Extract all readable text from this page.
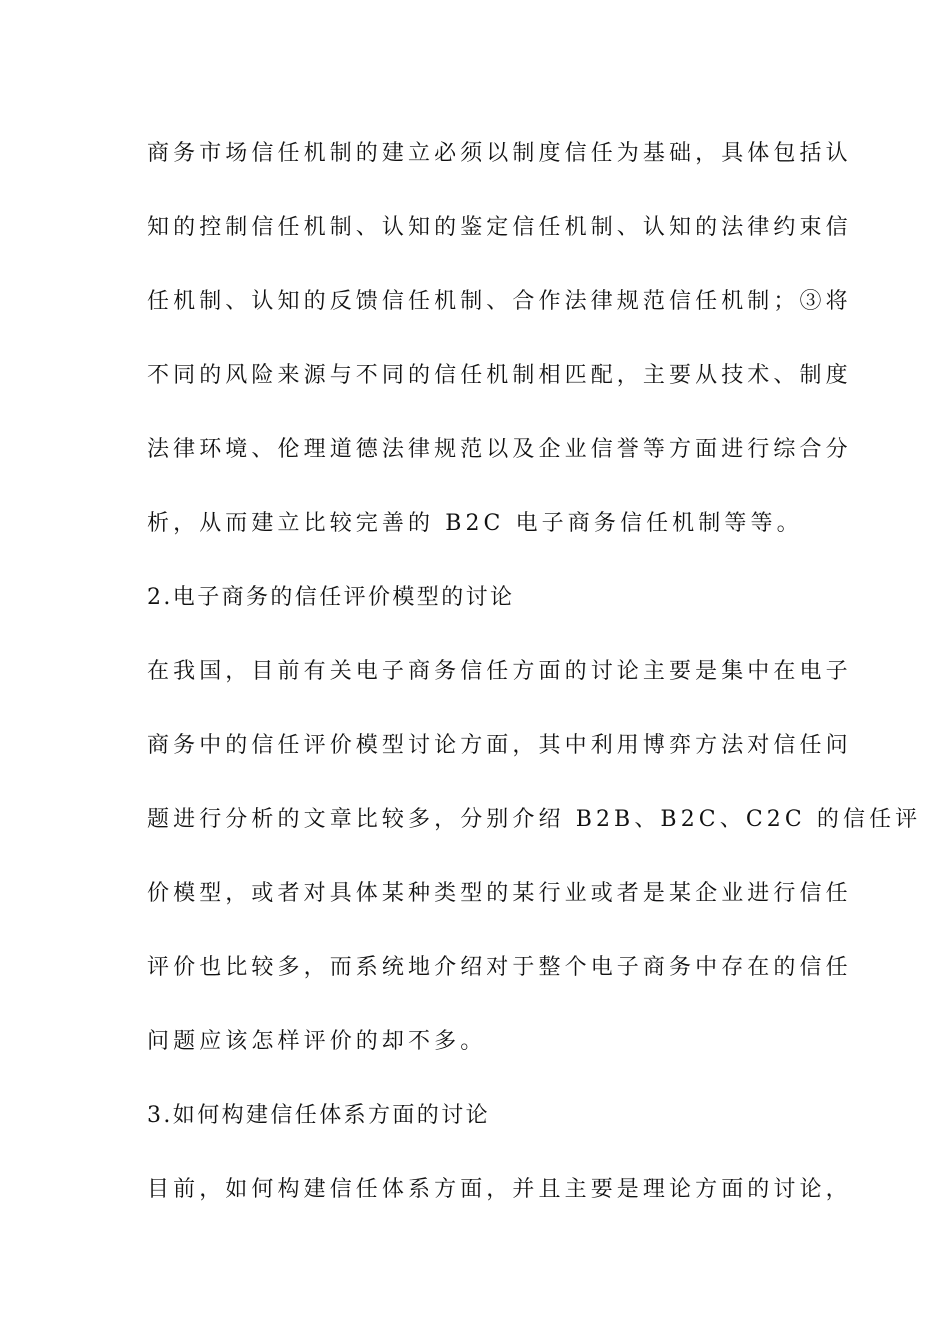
商务市场信任机制的建立必须以制度信任为基础，具体包括认
知的控制信任机制、认知的鉴定信任机制、认知的法律约束信
任机制、认知的反馈信任机制、合作法律规范信任机制；③将
不同的风险来源与不同的信任机制相匹配，主要从技术、制度
法律环境、伦理道德法律规范以及企业信誉等方面进行综合分
析，从而建立比较完善的 B2C 电子商务信任机制等等。
2.电子商务的信任评价模型的讨论
在我国，目前有关电子商务信任方面的讨论主要是集中在电子
商务中的信任评价模型讨论方面，其中利用博弈方法对信任问
题进行分析的文章比较多，分别介绍 B2B、B2C、C2C 的信任评
价模型，或者对具体某种类型的某行业或者是某企业进行信任
评价也比较多，而系统地介绍对于整个电子商务中存在的信任
问题应该怎样评价的却不多。
3.如何构建信任体系方面的讨论
目前，如何构建信任体系方面，并且主要是理论方面的讨论，
